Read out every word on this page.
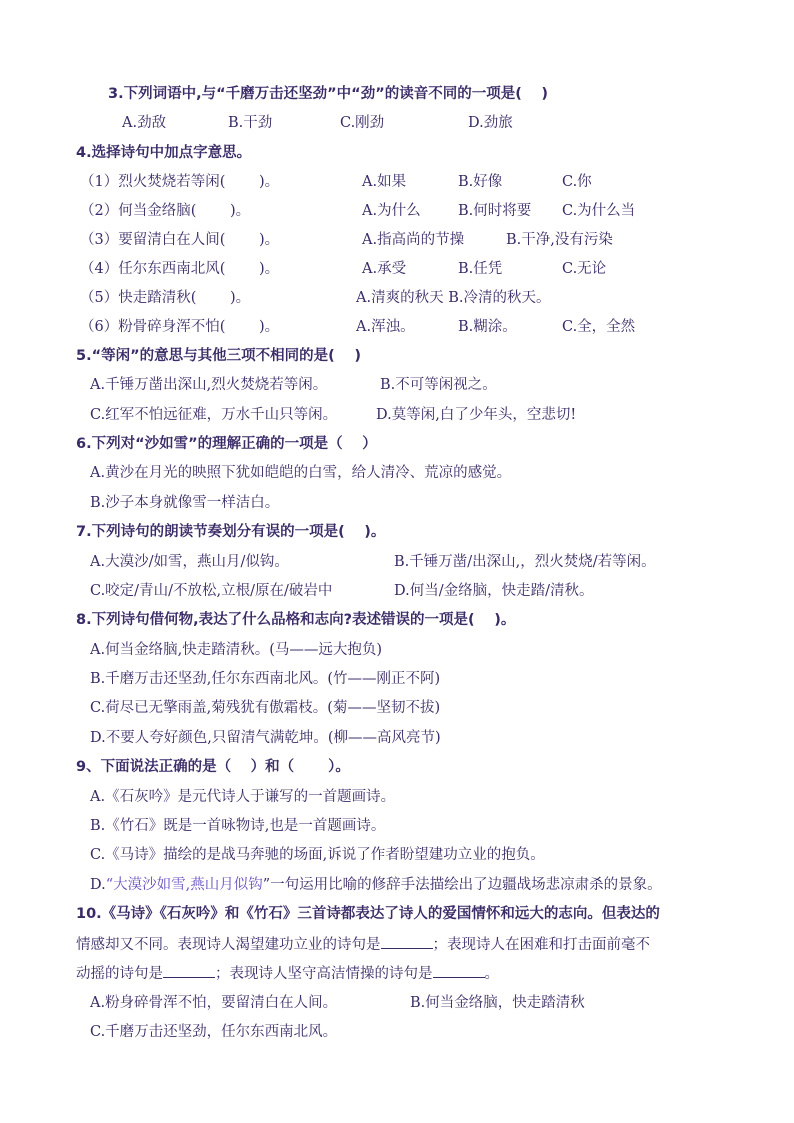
3.下列词语中,与“千磨万击还坚劲”中“劲”的读音不同的一项是(　 )
A.劲敌	B.干劲	C.刚劲	D.劲旅
4.选择诗句中加点字意思。
（1）烈火焚烧若等闲(　　 )。	A.如果	B.好像	C.你
（2）何当金络脑(　　 )。	A.为什么	B.何时将要 C.为什么当
（3）要留清白在人间(　　 )。	A.指高尚的节操	B.干净,没有污染
（4）任尔东西南北风(　　 )。	A.承受	B.任凭	C.无论
（5）快走踏清秋(　　 )。	A.清爽的秋天 B.冷清的秋天。
（6）粉骨碎身浑不怕(　　 )。	A.浑浊。	B.糊涂。	C.全，全然
5.“等闲”的意思与其他三项不相同的是(　 )
A.千锤万凿出深山,烈火焚烧若等闲。	B.不可等闲视之。
C.红军不怕远征难，万水千山只等闲。	D.莫等闲,白了少年头，空悲切!
6.下列对“沙如雪”的理解正确的一项是（　 ）
A.黄沙在月光的映照下犹如皑皑的白雪，给人清冷、荒凉的感觉。
B.沙子本身就像雪一样洁白。
7.下列诗句的朗读节奏划分有误的一项是(　 )。
A.大漠沙/如雪，燕山月/似钩。	B.千锤万凿/出深山,，烈火焚烧/若等闲。
C.咬定/青山/不放松,立根/原在/破岩中	D.何当/金络脑，快走踏/清秋。
8.下列诗句借何物,表达了什么品格和志向?表述错误的一项是(　 )。
A.何当金络脑,快走踏清秋。(马——远大抱负)
B.千磨万击还坚劲,任尔东西南北风。(竹——刚正不阿)
C.荷尽已无擎雨盖,菊残犹有傲霜枝。(菊——坚韧不拔)
D.不要人夸好颜色,只留清气满乾坤。(柳——高风亮节)
9、下面说法正确的是（　 ）和（　　 ）。
A.《石灰吟》是元代诗人于谦写的一首题画诗。
B.《竹石》既是一首咏物诗,也是一首题画诗。
C.《马诗》描绘的是战马奔驰的场面,诉说了作者盼望建功立业的抱负。
D.“大漠沙如雪,燕山月似钩”一句运用比喻的修辞手法描绘出了边疆战场悲凉肃杀的景象。
10.《马诗》《石灰吟》和《竹石》三首诗都表达了诗人的爱国情怀和远大的志向。但表达的
情感却又不同。表现诗人渴望建功立业的诗句是	；表现诗人在困难和打击面前毫不
动摇的诗句是	；表现诗人坚守高洁情操的诗句是	。
A.粉身碎骨浑不怕，要留清白在人间。	B.何当金络脑，快走踏清秋
C.千磨万击还坚劲，任尔东西南北风。
